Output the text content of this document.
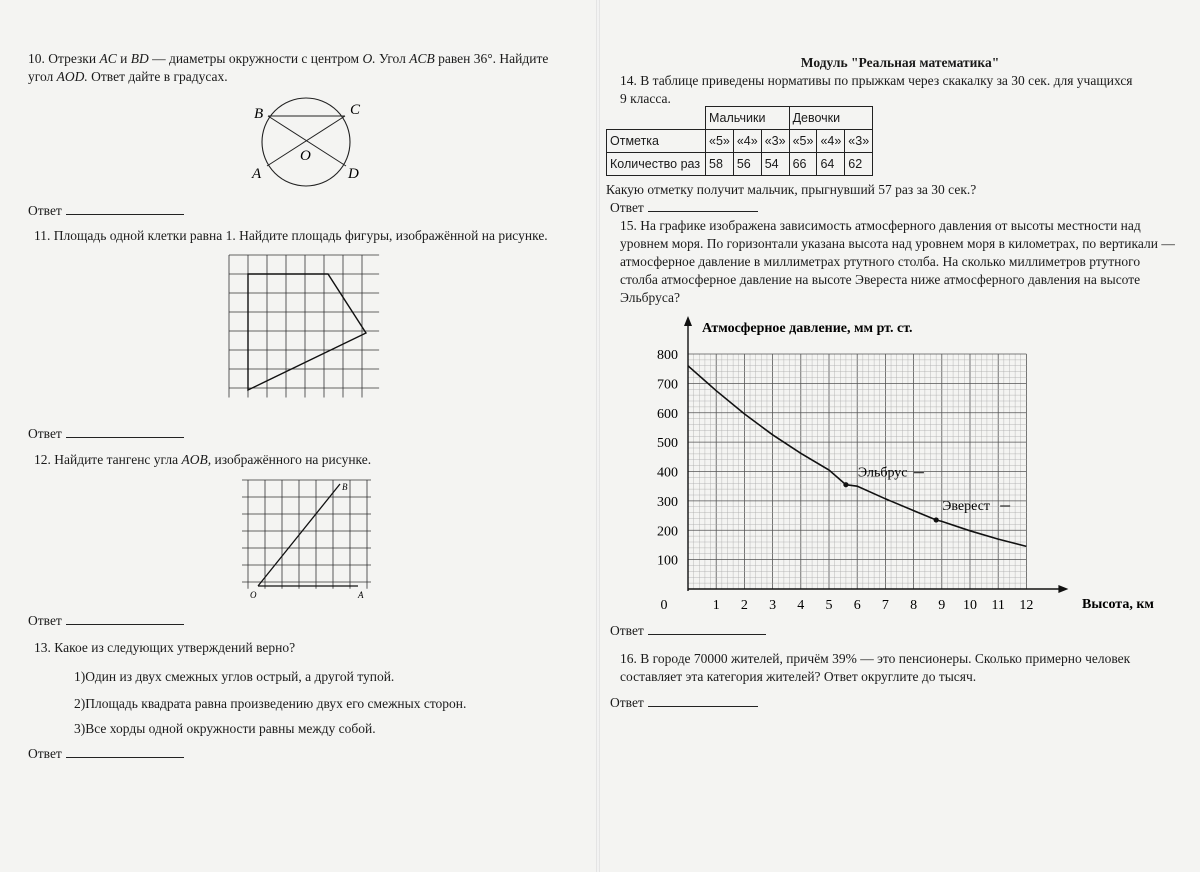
10. Отрезки AC и BD — диаметры окружности с центром O. Угол ACB равен 36°. Найдите
угол AOD. Ответ дайте в градусах.

B	C
O
A	D
Ответ

11. Площадь одной клетки равна 1. Найдите площадь фигуры, изображённой на рисунке.

Ответ

12. Найдите тангенс угла AOB, изображённого на рисунке.

B
O	A
Ответ

13. Какое из следующих утверждений верно?

1)Один из двух смежных углов острый, а другой тупой.
2)Площадь квадрата равна произведению двух его смежных сторон.
3)Все хорды одной окружности равны между собой.
Ответ
Модуль "Реальная математика"

14. В таблице приведены нормативы по прыжкам через скакалку за 30 сек. для учащихся
9 класса.

	Мальчики			Девочки		
Отметка	«5»	«4»	«3»	«5»	«4»	«3»
Количество раз	58	56	54	66	64	62

Какую отметку получит мальчик, прыгнувший 57 раз за 30 сек.?

Ответ

15. На графике изображена зависимость атмосферного давления от высоты местности над
уровнем моря. По горизонтали указана высота над уровнем моря в километрах, по вертикали —
атмосферное давление в миллиметрах ртутного столба. На сколько миллиметров ртутного
столба атмосферное давление на высоте Эвереста ниже атмосферного давления на высоте
Эльбруса?

0	1 2 3 4 5 6 7 8 9 10 11 12
100
200
300
400
500
600
700
800
Эльбрус
Эверест
Атмосферное давление, мм рт. ст.
Высота, км
Ответ

16. В городе 70000 жителей, причём 39% — это пенсионеры. Сколько примерно человек
составляет эта категория жителей? Ответ округлите до тысяч.

Ответ
